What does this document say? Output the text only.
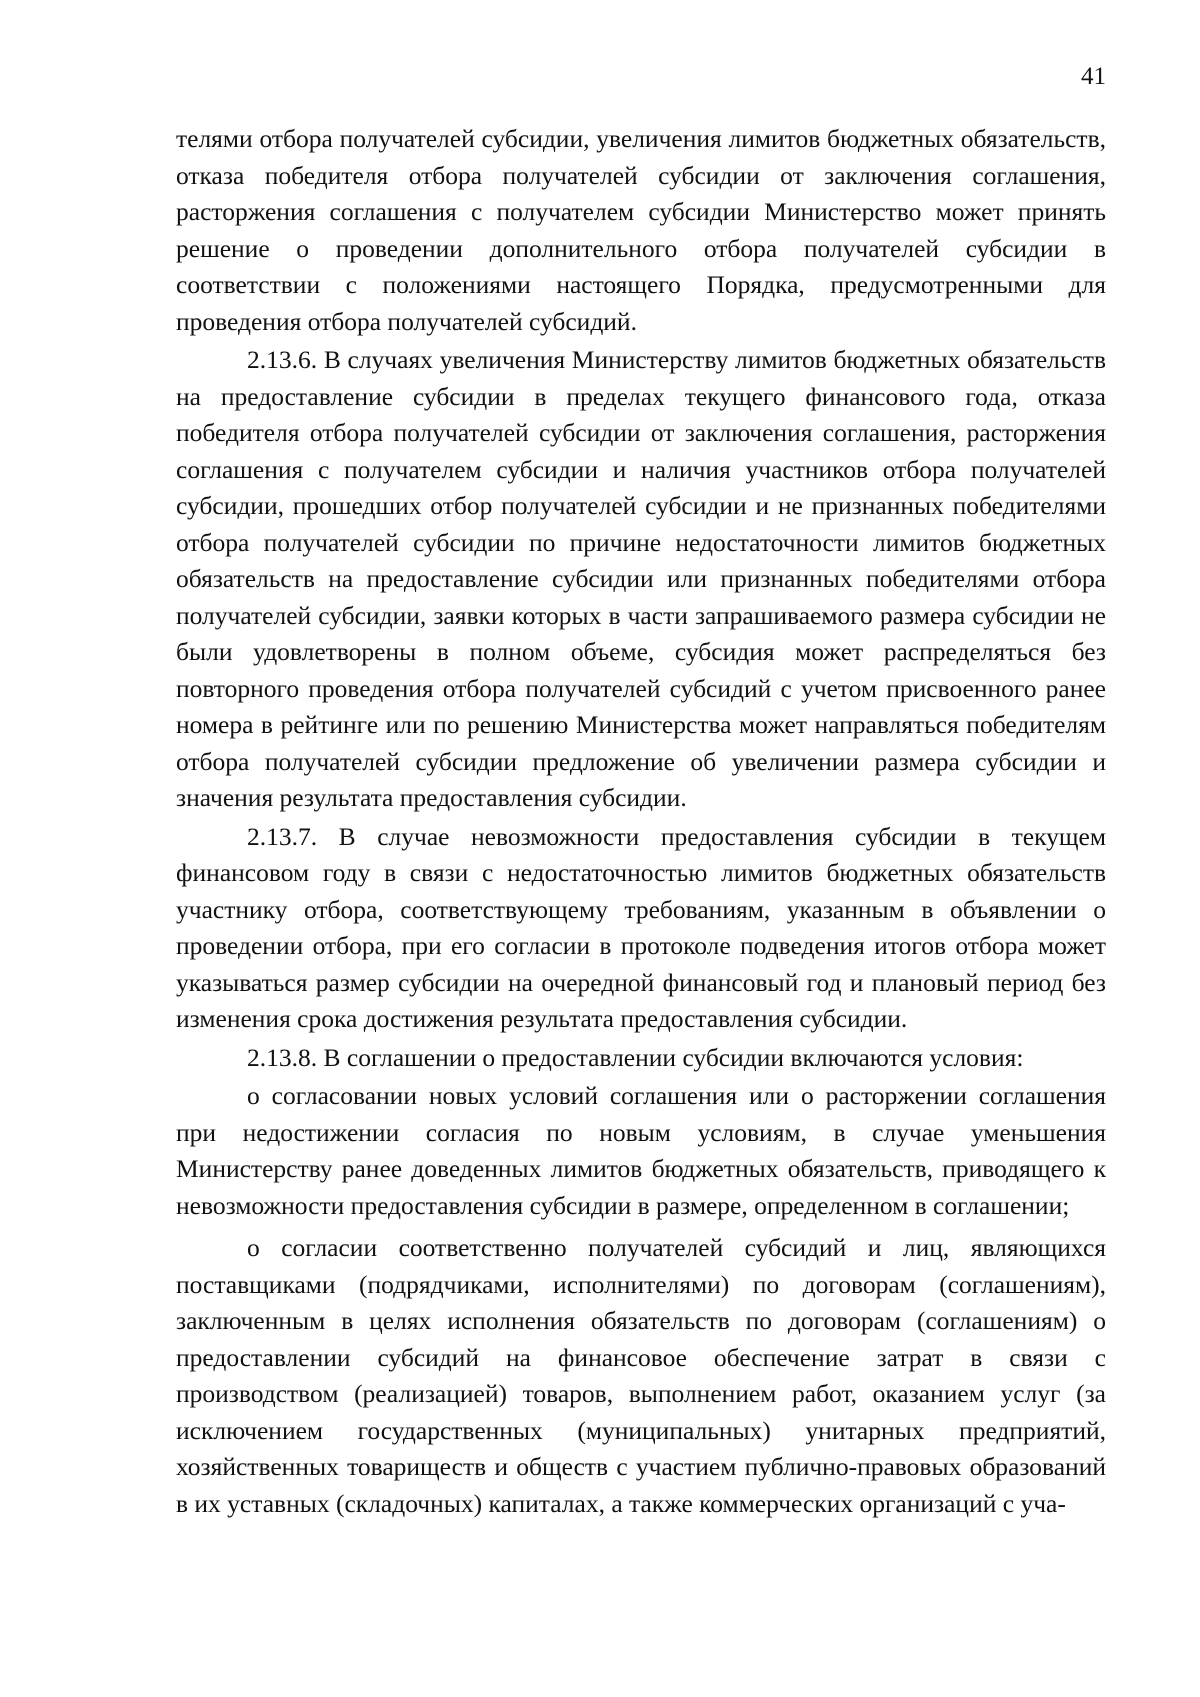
41

телями отбора получателей субсидии, увеличения лимитов бюджетных обязательств, отказа победителя отбора получателей субсидии от заключения соглашения, расторжения соглашения с получателем субсидии Министерство может принять решение о проведении дополнительного отбора получателей субсидии в соответствии с положениями настоящего Порядка, предусмотренными для проведения отбора получателей субсидий.

2.13.6. В случаях увеличения Министерству лимитов бюджетных обязательств на предоставление субсидии в пределах текущего финансового года, отказа победителя отбора получателей субсидии от заключения соглашения, расторжения соглашения с получателем субсидии и наличия участников отбора получателей субсидии, прошедших отбор получателей субсидии и не признанных победителями отбора получателей субсидии по причине недостаточности лимитов бюджетных обязательств на предоставление субсидии или признанных победителями отбора получателей субсидии, заявки которых в части запрашиваемого размера субсидии не были удовлетворены в полном объеме, субсидия может распределяться без повторного проведения отбора получателей субсидий с учетом присвоенного ранее номера в рейтинге или по решению Министерства может направляться победителям отбора получателей субсидии предложение об увеличении размера субсидии и значения результата предоставления субсидии.

2.13.7. В случае невозможности предоставления субсидии в текущем финансовом году в связи с недостаточностью лимитов бюджетных обязательств участнику отбора, соответствующему требованиям, указанным в объявлении о проведении отбора, при его согласии в протоколе подведения итогов отбора может указываться размер субсидии на очередной финансовый год и плановый период без изменения срока достижения результата предоставления субсидии.

2.13.8. В соглашении о предоставлении субсидии включаются условия:

о согласовании новых условий соглашения или о расторжении соглашения при недостижении согласия по новым условиям, в случае уменьшения Министерству ранее доведенных лимитов бюджетных обязательств, приводящего к невозможности предоставления субсидии в размере, определенном в соглашении;

о согласии соответственно получателей субсидий и лиц, являющихся поставщиками (подрядчиками, исполнителями) по договорам (соглашениям), заключенным в целях исполнения обязательств по договорам (соглашениям) о предоставлении субсидий на финансовое обеспечение затрат в связи с производством (реализацией) товаров, выполнением работ, оказанием услуг (за исключением государственных (муниципальных) унитарных предприятий, хозяйственных товариществ и обществ с участием публично-правовых образований в их уставных (складочных) капиталах, а также коммерческих организаций с уча-
